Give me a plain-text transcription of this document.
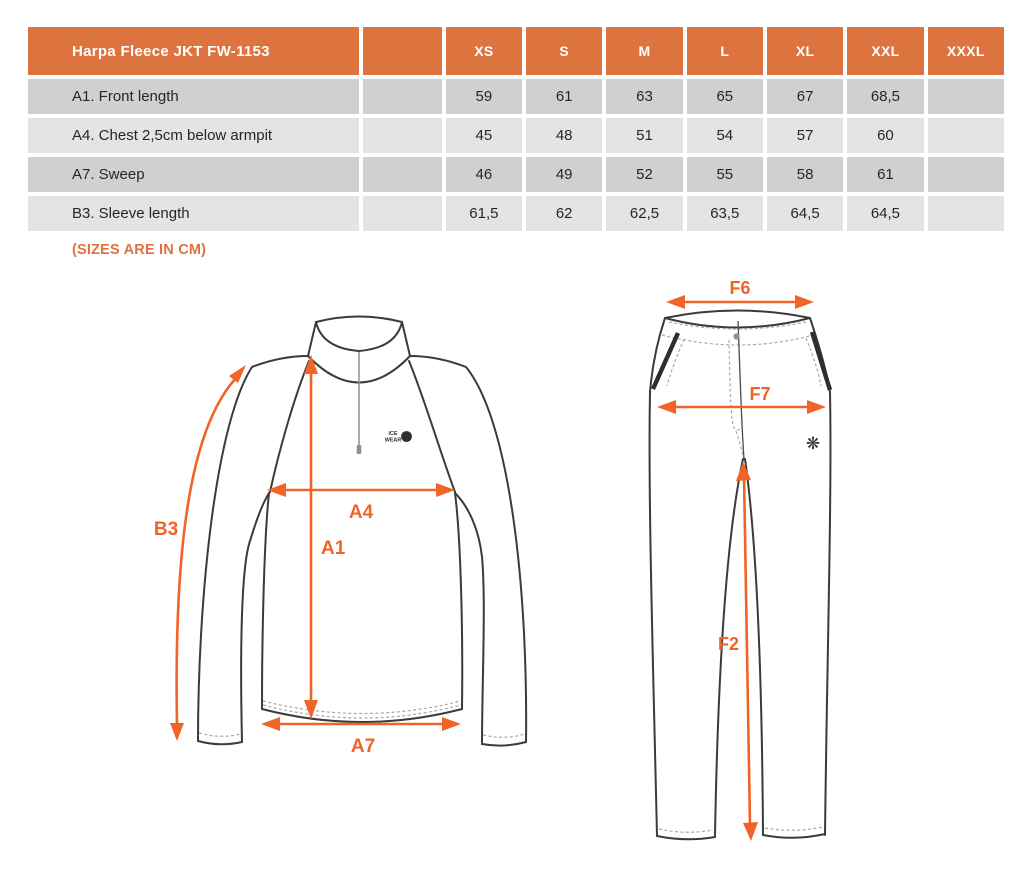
Harpa Fleece JKT FW-1153		XS	S	M	L	XL	XXL	XXXL
A1. Front length		59	61	63	65	67	68,5	
A4. Chest 2,5cm below armpit		45	48	51	54	57	60	
A7. Sweep		46	49	52	55	58	61	
B3. Sleeve length		61,5	62	62,5	63,5	64,5	64,5	
(SIZES ARE IN CM)
ICE
WEAR ✳
B3
A4
A1
A7
❋
F6
F7
F2
